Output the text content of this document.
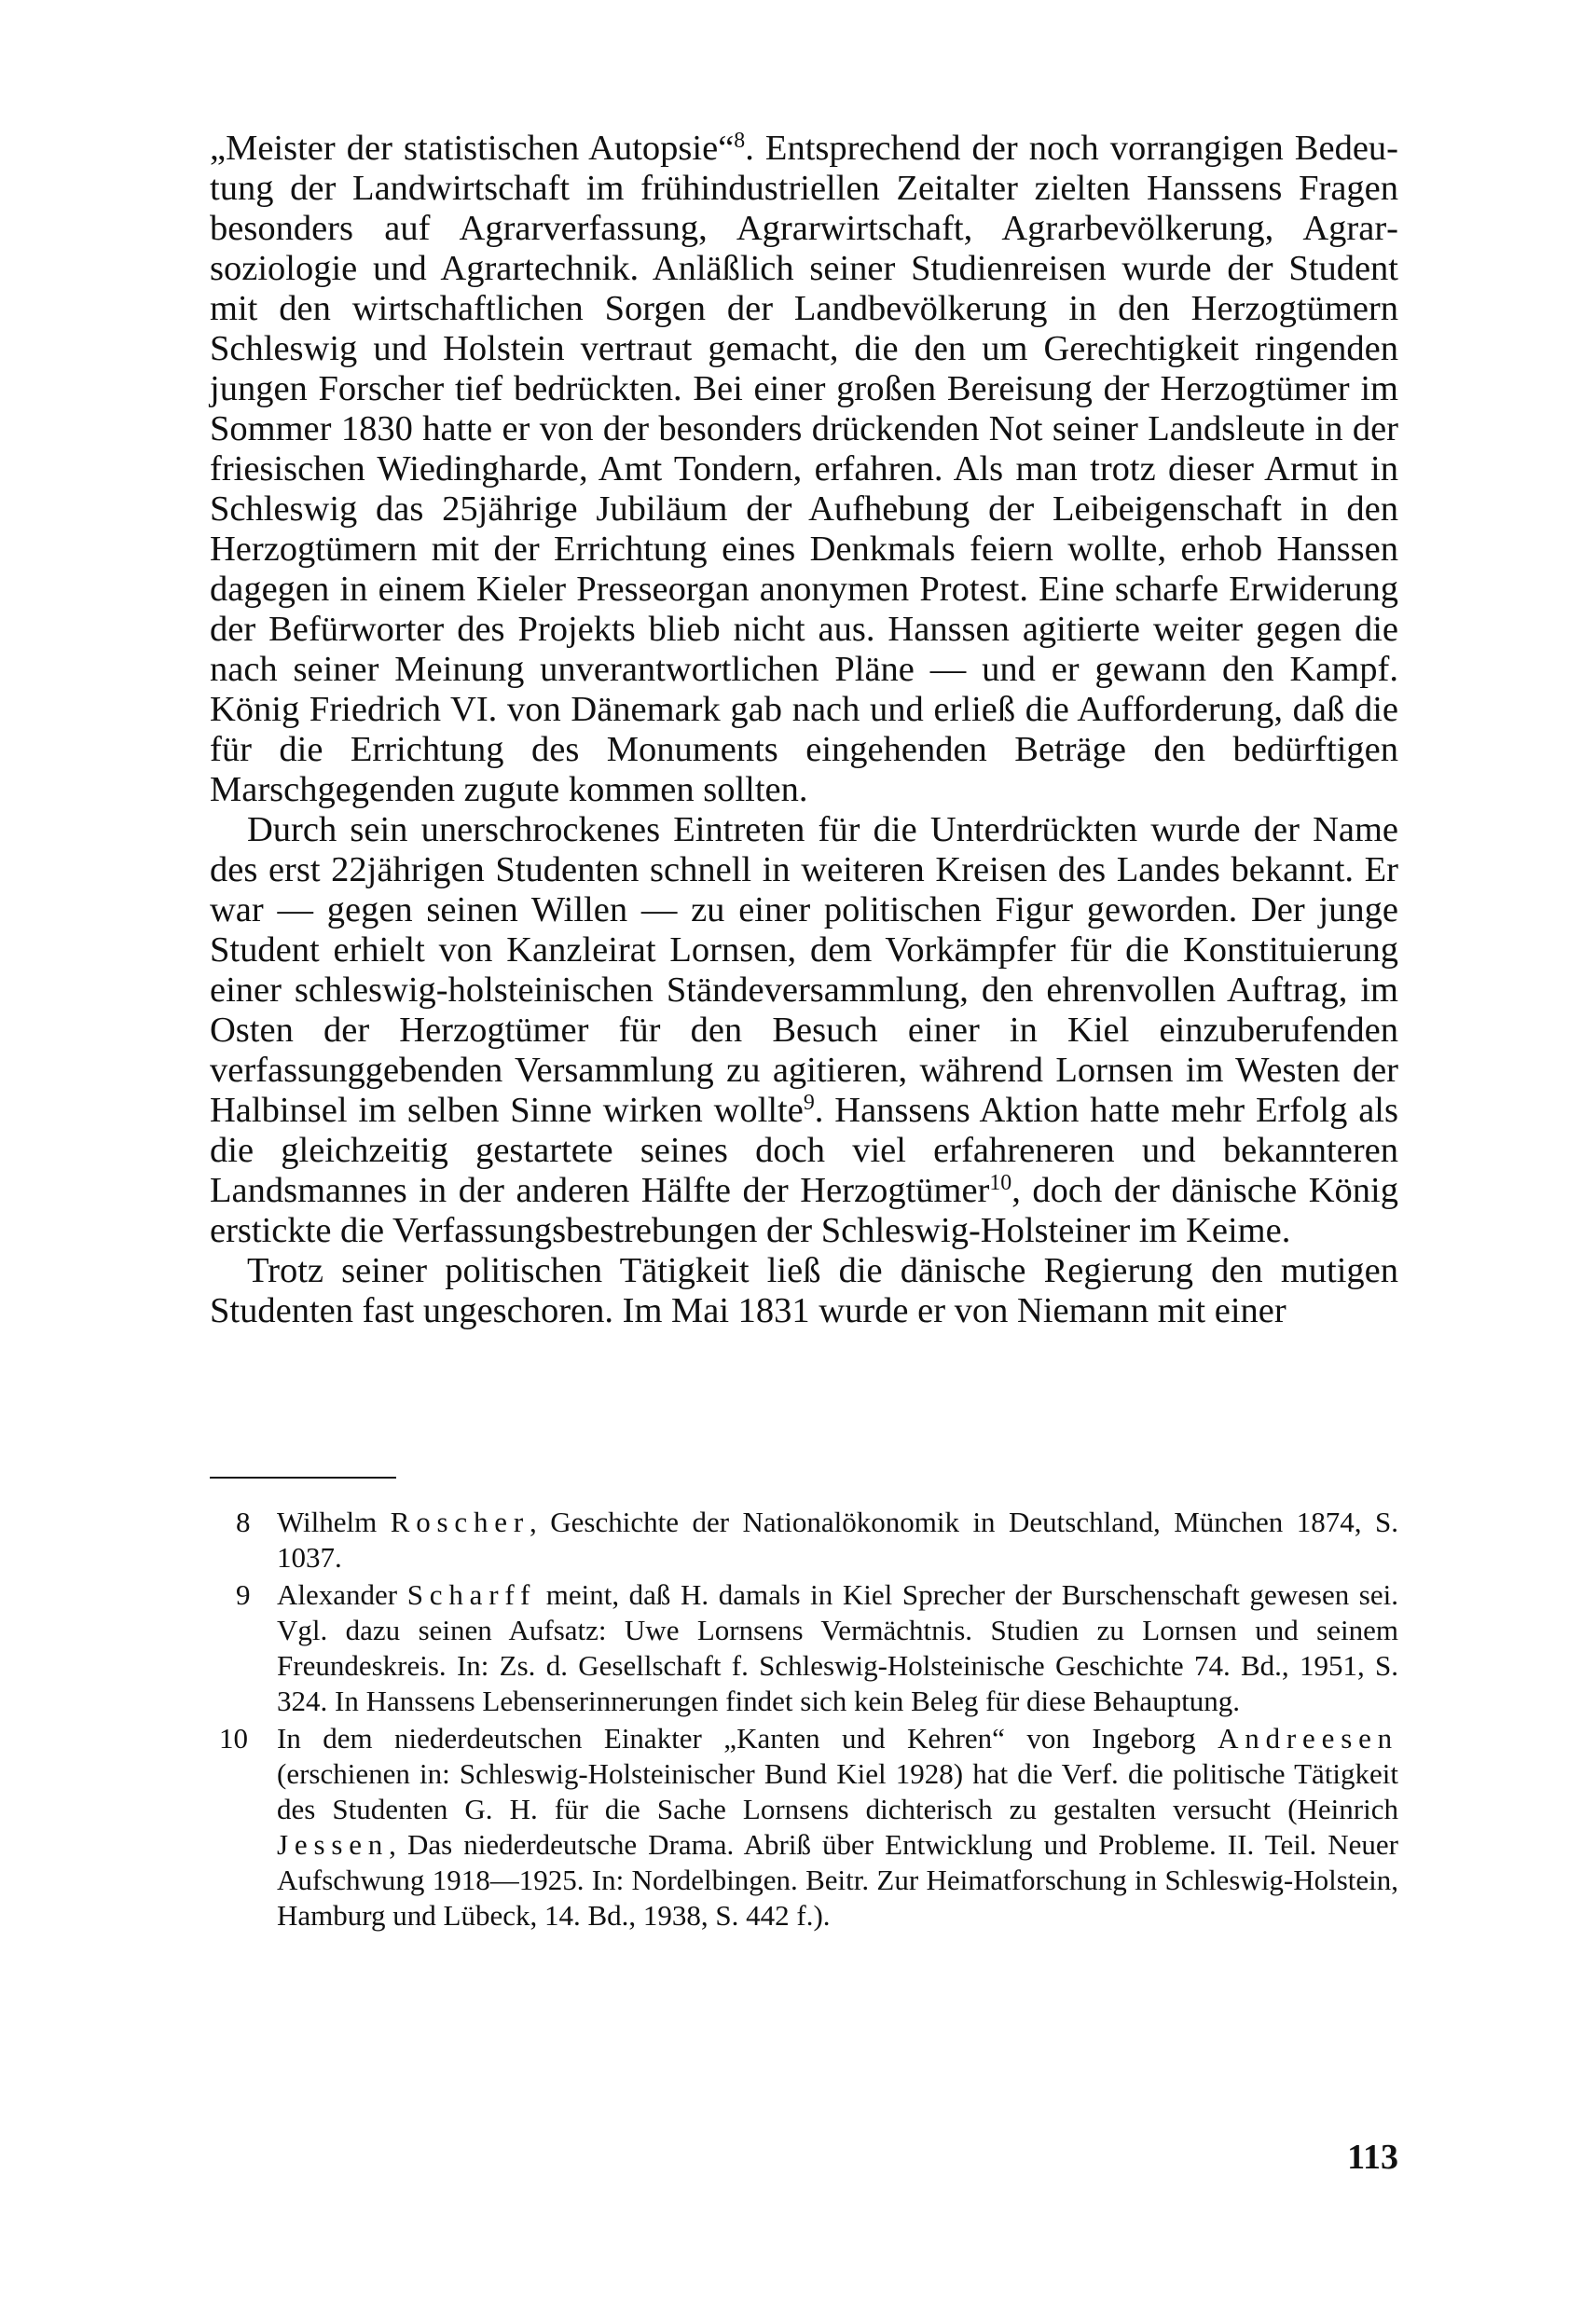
„Meister der statistischen Autopsie“$^8$. Entsprechend der noch vorrangigen Bedeutung der Landwirtschaft im frühindustriellen Zeitalter zielten Hanssens Fragen besonders auf Agrarverfassung, Agrarwirtschaft, Agrarbevölkerung, Agrarsoziologie und Agrartechnik. Anläßlich seiner Studienreisen wurde der Student mit den wirtschaftlichen Sorgen der Landbevölkerung in den Herzogtümern Schleswig und Holstein vertraut gemacht, die den um Gerechtigkeit ringenden jungen Forscher tief bedrückten. Bei einer großen Bereisung der Herzogtümer im Sommer 1830 hatte er von der besonders drückenden Not seiner Landsleute in der friesischen Wiedingharde, Amt Tondern, erfahren. Als man trotz dieser Armut in Schleswig das 25jährige Jubiläum der Aufhebung der Leibeigenschaft in den Herzogtümern mit der Errichtung eines Denkmals feiern wollte, erhob Hanssen dagegen in einem Kieler Presseorgan anonymen Protest. Eine scharfe Erwiderung der Befürworter des Projekts blieb nicht aus. Hanssen agitierte weiter gegen die nach seiner Meinung unverantwortlichen Pläne — und er gewann den Kampf. König Friedrich VI. von Dänemark gab nach und erließ die Aufforderung, daß die für die Errichtung des Monuments eingehenden Beträge den bedürftigen Marschgegenden zugute kommen sollten.

Durch sein unerschrockenes Eintreten für die Unterdrückten wurde der Name des erst 22jährigen Studenten schnell in weiteren Kreisen des Landes bekannt. Er war — gegen seinen Willen — zu einer politischen Figur geworden. Der junge Student erhielt von Kanzleirat Lornsen, dem Vorkämpfer für die Konstituierung einer schleswig-holsteinischen Ständeversammlung, den ehrenvollen Auftrag, im Osten der Herzogtümer für den Besuch einer in Kiel einzuberufenden verfassunggebenden Versammlung zu agitieren, während Lornsen im Westen der Halbinsel im selben Sinne wirken wollte$^9$. Hanssens Aktion hatte mehr Erfolg als die gleichzeitig gestartete seines doch viel erfahreneren und bekannteren Landsmannes in der anderen Hälfte der Herzogtümer$^{10}$, doch der dänische König erstickte die Verfassungsbestrebungen der Schleswig-Holsteiner im Keime.

Trotz seiner politischen Tätigkeit ließ die dänische Regierung den mutigen Studenten fast ungeschoren. Im Mai 1831 wurde er von Niemann mit einer

8 Wilhelm Roscher, Geschichte der Nationalökonomik in Deutschland, München 1874, S. 1037.
9 Alexander Scharff meint, daß H. damals in Kiel Sprecher der Burschenschaft gewesen sei. Vgl. dazu seinen Aufsatz: Uwe Lornsens Vermächtnis. Studien zu Lornsen und seinem Freundeskreis. In: Zs. d. Gesellschaft f. Schleswig-Holsteinische Geschichte 74. Bd., 1951, S. 324. In Hanssens Lebenserinnerungen findet sich kein Beleg für diese Behauptung.
10	In dem niederdeutschen Einakter „Kanten und Kehren“ von Ingeborg Andreesen (erschienen in: Schleswig-Holsteinischer Bund Kiel 1928) hat die Verf. die politische Tätigkeit des Studenten G. H. für die Sache Lornsens dichterisch zu gestalten versucht (Heinrich Jessen, Das niederdeutsche Drama. Abriß über Entwicklung und Probleme. II. Teil. Neuer Aufschwung 1918—1925. In: Nordelbingen. Beitr. Zur Heimatforschung in Schleswig-Holstein, Hamburg und Lübeck, 14. Bd., 1938, S. 442 f.).
113
